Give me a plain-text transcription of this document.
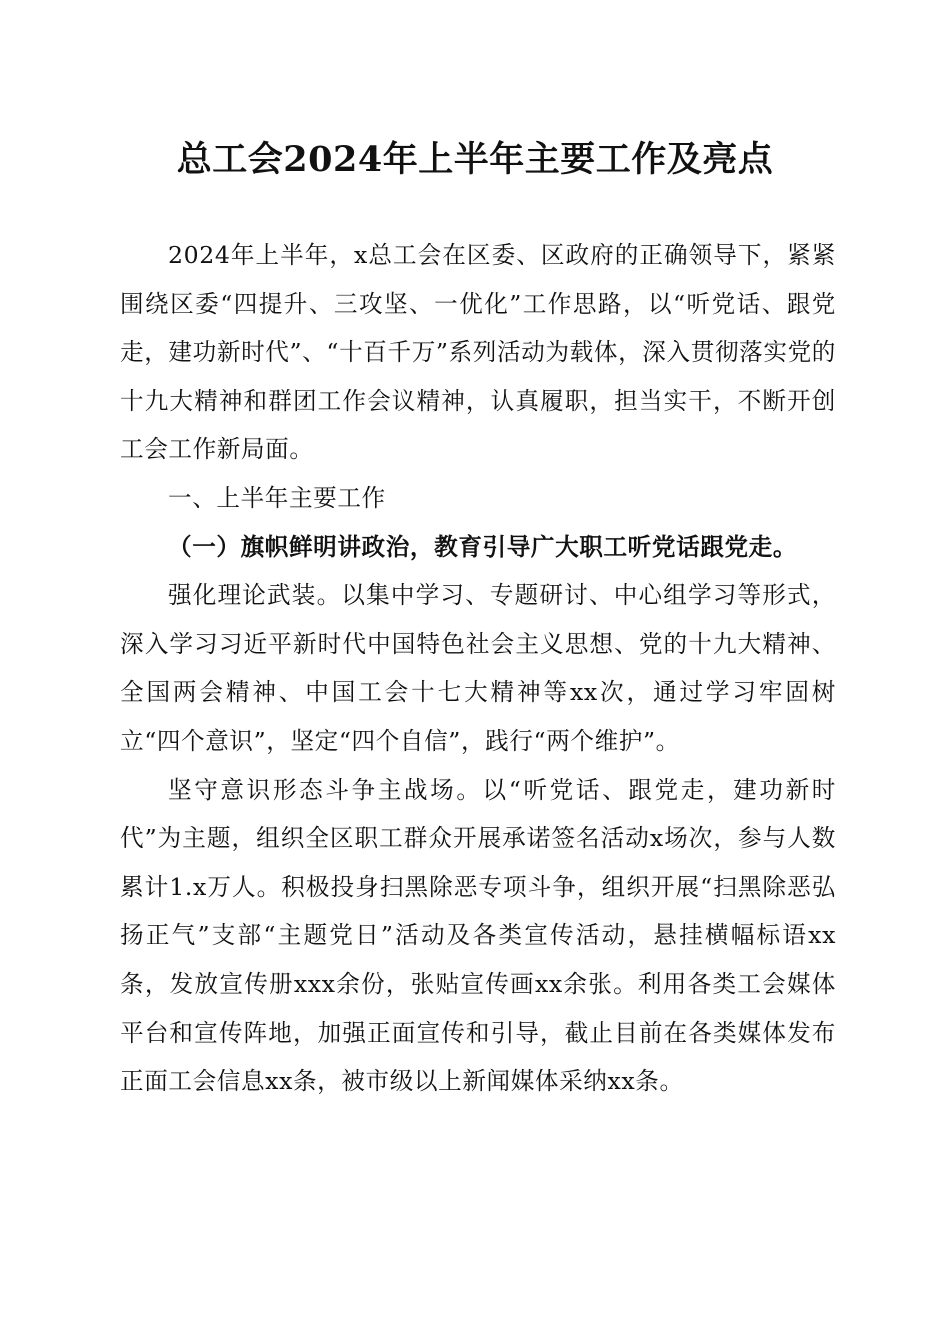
总工会2024年上半年主要工作及亮点

2024年上半年，x总工会在区委、区政府的正确领导下，紧紧围绕区委“四提升、三攻坚、一优化”工作思路，以“听党话、跟党走，建功新时代”、“十百千万”系列活动为载体，深入贯彻落实党的十九大精神和群团工作会议精神，认真履职，担当实干，不断开创工会工作新局面。

一、上半年主要工作

（一）旗帜鲜明讲政治，教育引导广大职工听党话跟党走。

强化理论武装。以集中学习、专题研讨、中心组学习等形式，深入学习习近平新时代中国特色社会主义思想、党的十九大精神、全国两会精神、中国工会十七大精神等xx次，通过学习牢固树立“四个意识”，坚定“四个自信”，践行“两个维护”。

坚守意识形态斗争主战场。以“听党话、跟党走，建功新时代”为主题，组织全区职工群众开展承诺签名活动x场次，参与人数累计1.x万人。积极投身扫黑除恶专项斗争，组织开展“扫黑除恶弘扬正气”支部“主题党日”活动及各类宣传活动，悬挂横幅标语xx条，发放宣传册xxx余份，张贴宣传画xx余张。利用各类工会媒体平台和宣传阵地，加强正面宣传和引导，截止目前在各类媒体发布正面工会信息xx条，被市级以上新闻媒体采纳xx条。
